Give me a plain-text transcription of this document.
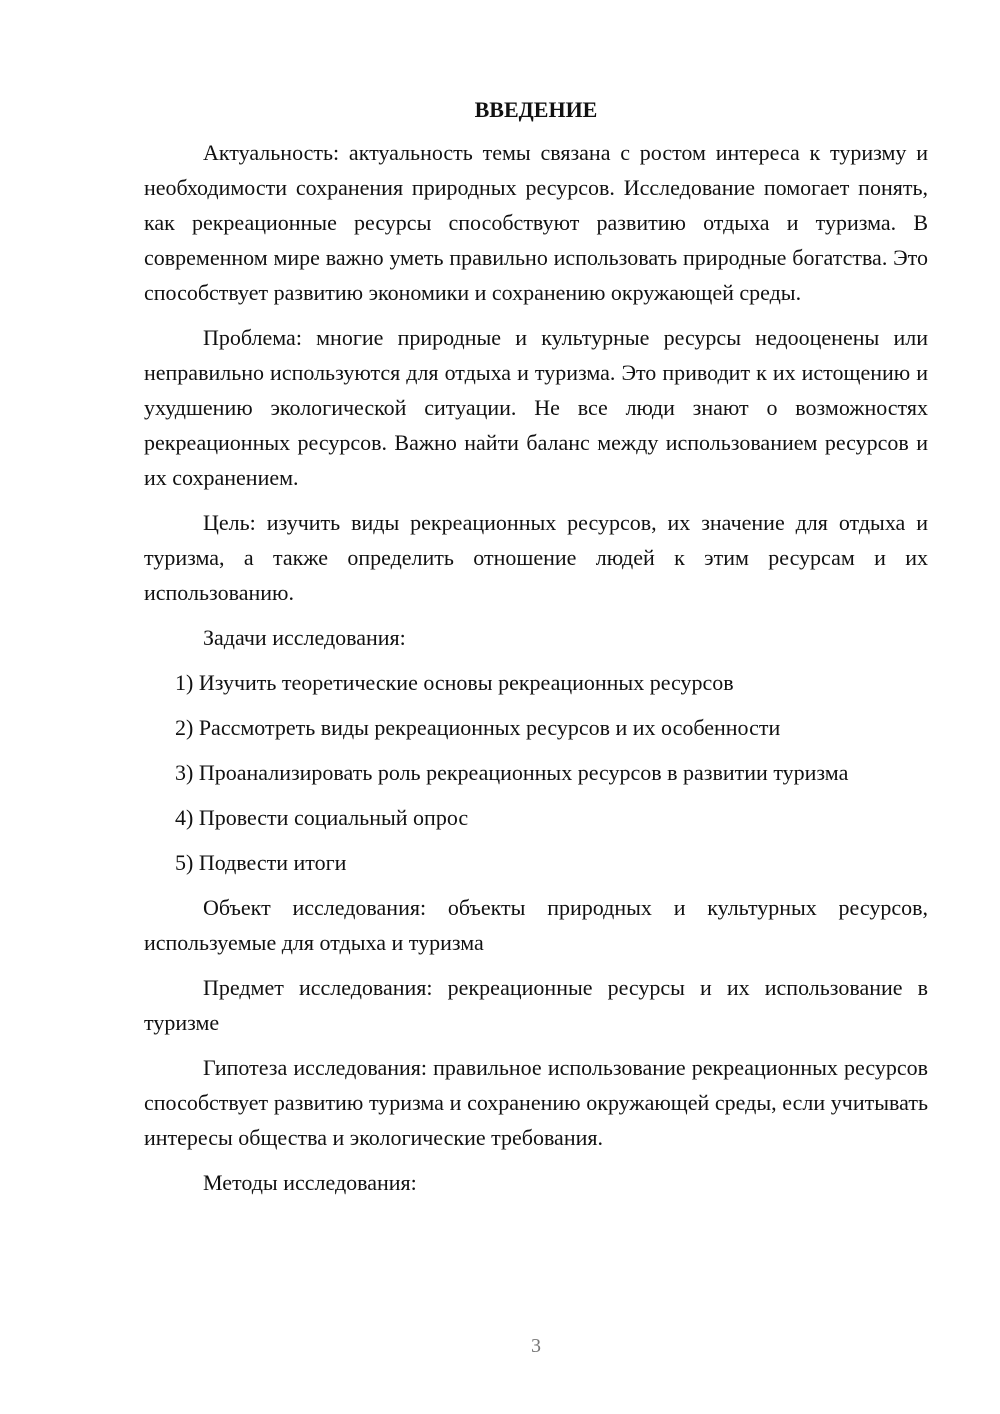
ВВЕДЕНИЕ

Актуальность: актуальность темы связана с ростом интереса к туризму и необходимости сохранения природных ресурсов. Исследование помогает понять, как рекреационные ресурсы способствуют развитию отдыха и туризма. В современном мире важно уметь правильно использовать природные богатства. Это способствует развитию экономики и сохранению окружающей среды.

Проблема: многие природные и культурные ресурсы недооценены или неправильно используются для отдыха и туризма. Это приводит к их истощению и ухудшению экологической ситуации. Не все люди знают о возможностях рекреационных ресурсов. Важно найти баланс между использованием ресурсов и их сохранением.

Цель: изучить виды рекреационных ресурсов, их значение для отдыха и туризма, а также определить отношение людей к этим ресурсам и их использованию.

Задачи исследования:

1) Изучить теоретические основы рекреационных ресурсов

2) Рассмотреть виды рекреационных ресурсов и их особенности

3) Проанализировать роль рекреационных ресурсов в развитии туризма

4) Провести социальный опрос

5) Подвести итоги

Объект исследования: объекты природных и культурных ресурсов, используемые для отдыха и туризма

Предмет исследования: рекреационные ресурсы и их использование в туризме

Гипотеза исследования: правильное использование рекреационных ресурсов способствует развитию туризма и сохранению окружающей среды, если учитывать интересы общества и экологические требования.

Методы исследования:

3
